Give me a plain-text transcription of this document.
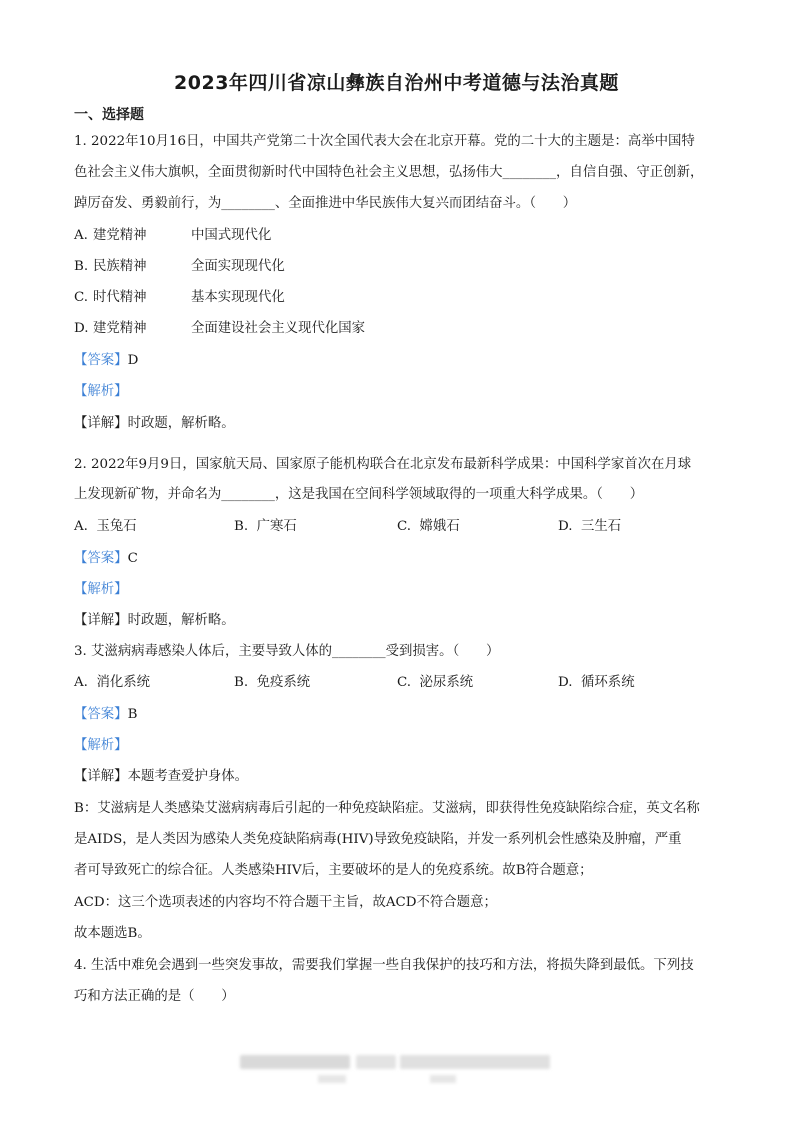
2023年四川省凉山彝族自治州中考道德与法治真题
一、选择题
1. 2022年10月16日，中国共产党第二十次全国代表大会在北京开幕。党的二十大的主题是：高举中国特
色社会主义伟大旗帜，全面贯彻新时代中国特色社会主义思想，弘扬伟大________，自信自强、守正创新，
踔厉奋发、勇毅前行，为________、全面推进中华民族伟大复兴而团结奋斗。（　　）
A. 建党精神	中国式现代化
B. 民族精神	全面实现现代化
C. 时代精神	基本实现现代化
D. 建党精神	全面建设社会主义现代化国家
【答案】D
【解析】
【详解】时政题，解析略。
2. 2022年9月9日，国家航天局、国家原子能机构联合在北京发布最新科学成果：中国科学家首次在月球
上发现新矿物，并命名为________，这是我国在空间科学领域取得的一项重大科学成果。（　　）
A. 玉兔石	B. 广寒石	C. 嫦娥石	D. 三生石
【答案】C
【解析】
【详解】时政题，解析略。
3. 艾滋病病毒感染人体后，主要导致人体的________受到损害。（　　）
A. 消化系统	B. 免疫系统	C. 泌尿系统	D. 循环系统
【答案】B
【解析】
【详解】本题考查爱护身体。
B：艾滋病是人类感染艾滋病病毒后引起的一种免疫缺陷症。艾滋病，即获得性免疫缺陷综合症，英文名称
是AIDS，是人类因为感染人类免疫缺陷病毒(HIV)导致免疫缺陷，并发一系列机会性感染及肿瘤，严重
者可导致死亡的综合征。人类感染HIV后，主要破坏的是人的免疫系统。故B符合题意；
ACD：这三个选项表述的内容均不符合题干主旨，故ACD不符合题意；
故本题选B。
4. 生活中难免会遇到一些突发事故，需要我们掌握一些自我保护的技巧和方法，将损失降到最低。下列技
巧和方法正确的是（　　）
